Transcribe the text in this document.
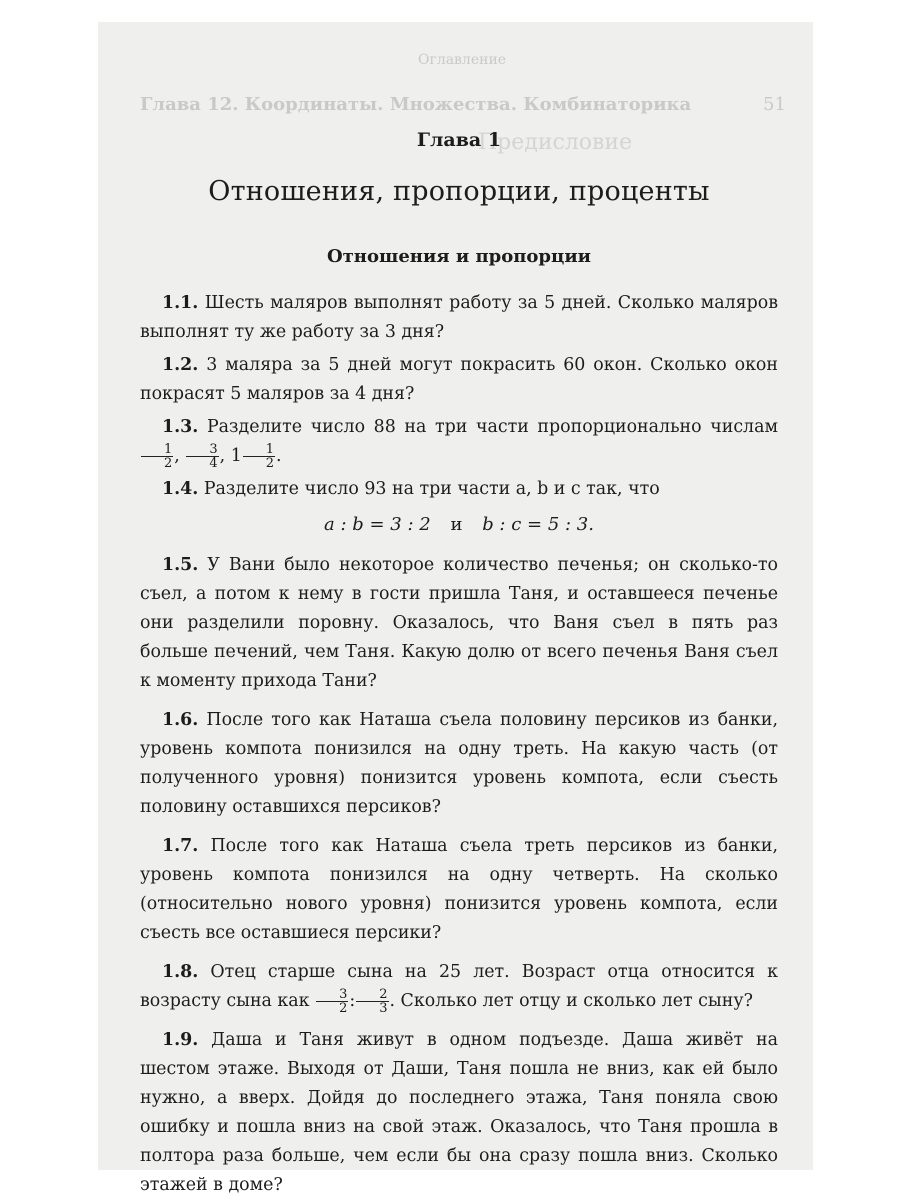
Оглавление
Глава 12. Координаты. Множества. Комбинаторика	51
Предисловие
Глава 1
Отношения, пропорции, проценты
Отношения и пропорции

1.1. Шесть маляров выполнят работу за 5 дней. Сколько маляров выполнят ту же работу за 3 дня?

1.2. 3 маляра за 5 дней могут покрасить 60 окон. Сколько окон покрасят 5 маляров за 4 дня?

1.3. Разделите число 88 на три части пропорционально числам
$\frac{1}{2}$ , $\frac{3}{4}$ , $1 \frac{1}{2}$ .

1.4. Разделите число 93 на три части a, b и c так, что

a : b = 3 : 2 и b : c = 5 : 3.

1.5. У Вани было некоторое количество печенья; он сколько-то съел, а потом к нему в гости пришла Таня, и оставшееся печенье они разделили поровну. Оказалось, что Ваня съел в пять раз больше печений, чем Таня. Какую долю от всего печенья Ваня съел к моменту прихода Тани?

1.6. После того как Наташа съела половину персиков из банки, уровень компота понизился на одну треть. На какую часть (от полученного уровня) понизится уровень компота, если съесть половину оставшихся персиков?

1.7. После того как Наташа съела треть персиков из банки, уровень компота понизился на одну четверть. На сколько (относительно нового уровня) понизится уровень компота, если съесть все оставшиеся персики?

1.8. Отец старше сына на 25 лет. Возраст отца относится к возрасту сына как $\frac{3}{2}$ : $\frac{2}{3}$ . Сколько лет отцу и сколько лет сыну?

1.9. Даша и Таня живут в одном подъезде. Даша живёт на шестом этаже. Выходя от Даши, Таня пошла не вниз, как ей было нужно, а вверх. Дойдя до последнего этажа, Таня поняла свою ошибку и пошла вниз на свой этаж. Оказалось, что Таня прошла в полтора раза больше, чем если бы она сразу пошла вниз. Сколько этажей в доме?
